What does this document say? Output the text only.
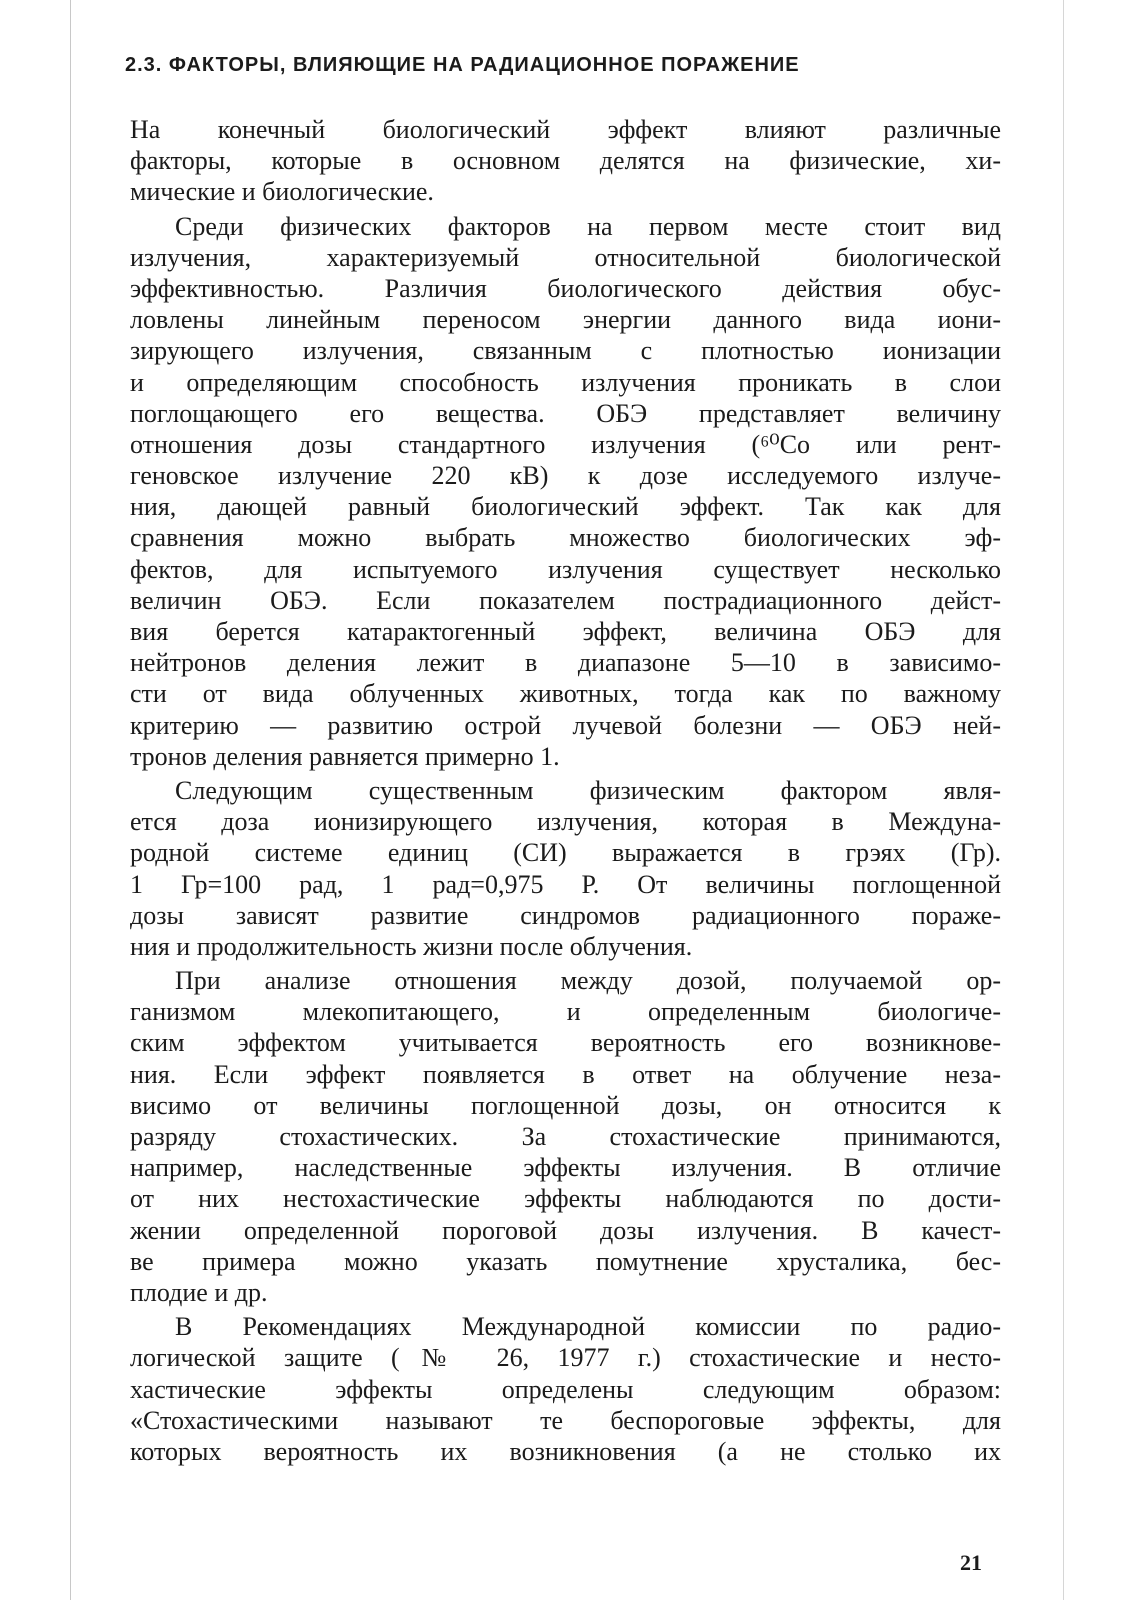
2.3. ФАКТОРЫ, ВЛИЯЮЩИЕ НА РАДИАЦИОННОЕ ПОРАЖЕНИЕ
На конечный биологический эффект влияют различные
факторы, которые в основном делятся на физические, хи-
мические и биологические.
Среди физических факторов на первом месте стоит вид
излучения, характеризуемый относительной биологической
эффективностью. Различия биологического действия обус-
ловлены линейным переносом энергии данного вида иони-
зирующего излучения, связанным с плотностью ионизации
и определяющим способность излучения проникать в слои
поглощающего его вещества. ОБЭ представляет величину
отношения дозы стандартного излучения (⁶⁰Со или рент-
геновское излучение 220 кВ) к дозе исследуемого излуче-
ния, дающей равный биологический эффект. Так как для
сравнения можно выбрать множество биологических эф-
фектов, для испытуемого излучения существует несколько
величин ОБЭ. Если показателем пострадиационного дейст-
вия берется катарактогенный эффект, величина ОБЭ для
нейтронов деления лежит в диапазоне 5—10 в зависимо-
сти от вида облученных животных, тогда как по важному
критерию — развитию острой лучевой болезни — ОБЭ ней-
тронов деления равняется примерно 1.
Следующим существенным физическим фактором явля-
ется доза ионизирующего излучения, которая в Междуна-
родной системе единиц (СИ) выражается в грэях (Гр).
1 Гр=100 рад, 1 рад=0,975 Р. От величины поглощенной
дозы зависят развитие синдромов радиационного пораже-
ния и продолжительность жизни после облучения.
При анализе отношения между дозой, получаемой ор-
ганизмом млекопитающего, и определенным биологиче-
ским эффектом учитывается вероятность его возникнове-
ния. Если эффект появляется в ответ на облучение неза-
висимо от величины поглощенной дозы, он относится к
разряду стохастических. За стохастические принимаются,
например, наследственные эффекты излучения. В отличие
от них нестохастические эффекты наблюдаются по дости-
жении определенной пороговой дозы излучения. В качест-
ве примера можно указать помутнение хрусталика, бес-
плодие и др.
В Рекомендациях Международной комиссии по радио-
логической защите (№ 26, 1977 г.) стохастические и несто-
хастические эффекты определены следующим образом:
«Стохастическими называют те беспороговые эффекты, для
которых вероятность их возникновения (а не столько их
21
